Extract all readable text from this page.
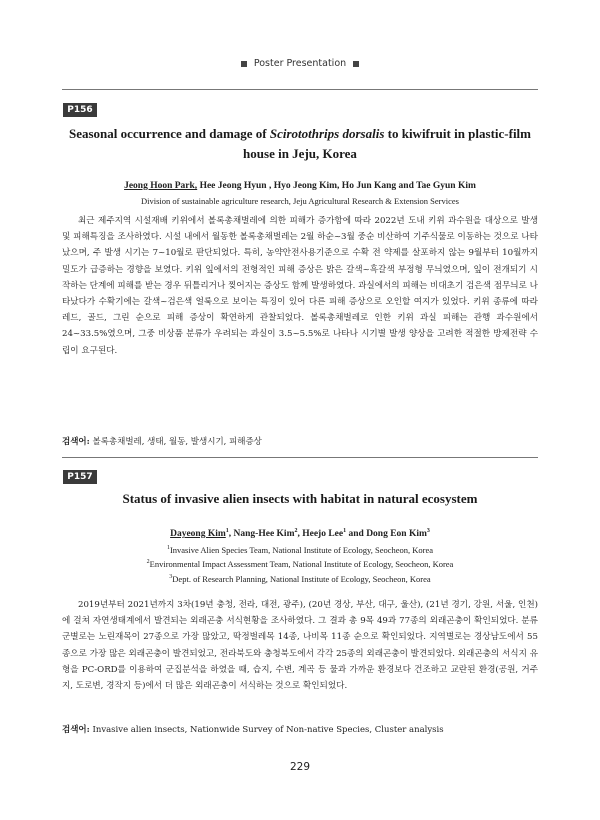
Poster Presentation
P156
Seasonal occurrence and damage of Scirotothrips dorsalis to kiwifruit in plastic-film house in Jeju, Korea
Jeong Hoon Park, Hee Jeong Hyun , Hyo Jeong Kim, Ho Jun Kang and Tae Gyun Kim
Division of sustainable agriculture research, Jeju Agricultural Research & Extension Services

최근 제주지역 시설재배 키위에서 볼록총채벌레에 의한 피해가 증가함에 따라 2022년 도내 키위 과수원을 대상으로 발생 및 피해특징을 조사하였다. 시설 내에서 월동한 볼록총채벌레는 2월 하순~3월 중순 비산하여 기주식물로 이동하는 것으로 나타났으며, 주 발생 시기는 7~10월로 판단되었다. 특히, 농약안전사용기준으로 수확 전 약제를 살포하지 않는 9월부터 10월까지 밀도가 급증하는 경향을 보였다. 키위 잎에서의 전형적인 피해 증상은 밝은 갈색~흑갈색 부정형 무늬였으며, 잎이 전개되기 시작하는 단계에 피해를 받는 경우 뒤틀리거나 찢어지는 증상도 함께 발생하였다. 과실에서의 피해는 비대초기 검은색 점무늬로 나타났다가 수확기에는 갈색~검은색 얼룩으로 보이는 특징이 있어 다른 피해 증상으로 오인할 여지가 있었다. 키위 종류에 따라 레드, 골드, 그린 순으로 피해 증상이 확연하게 관찰되었다. 볼록총채벌레로 인한 키위 과실 피해는 관행 과수원에서 24~33.5%였으며, 그중 비상품 분류가 우려되는 과실이 3.5~5.5%로 나타나 시기별 발생 양상을 고려한 적절한 방제전략 수립이 요구된다.

검색어: 볼록총채벌레, 생태, 월동, 발생시기, 피해증상
P157
Status of invasive alien insects with habitat in natural ecosystem
Dayeong Kim$^1$, Nang-Hee Kim$^2$, Heejo Lee$^1$ and Dong Eon Kim$^3$
$^1$Invasive Alien Species Team, National Institute of Ecology, Seocheon, Korea
$^2$Environmental Impact Assessment Team, National Institute of Ecology, Seocheon, Korea
$^3$Dept. of Research Planning, National Institute of Ecology, Seocheon, Korea

2019년부터 2021년까지 3차(19년 충청, 전라, 대전, 광주), (20년 경상, 부산, 대구, 울산), (21년 경기, 강원, 서울, 인천)에 걸쳐 자연생태계에서 발견되는 외래곤충 서식현황을 조사하였다. 그 결과 총 9목 49과 77종의 외래곤충이 확인되었다. 분류군별로는 노린재목이 27종으로 가장 많았고, 딱정벌레목 14종, 나비목 11종 순으로 확인되었다. 지역별로는 경상남도에서 55종으로 가장 많은 외래곤충이 발견되었고, 전라북도와 충청북도에서 각각 25종의 외래곤충이 발견되었다. 외래곤충의 서식지 유형을 PC-ORD를 이용하여 군집분석을 하였을 때, 습지, 수변, 계곡 등 물과 가까운 환경보다 건조하고 교란된 환경(공원, 거주지, 도로변, 경작지 등)에서 더 많은 외래곤충이 서식하는 것으로 확인되었다.

검색어: Invasive alien insects, Nationwide Survey of Non-native Species, Cluster analysis
229
